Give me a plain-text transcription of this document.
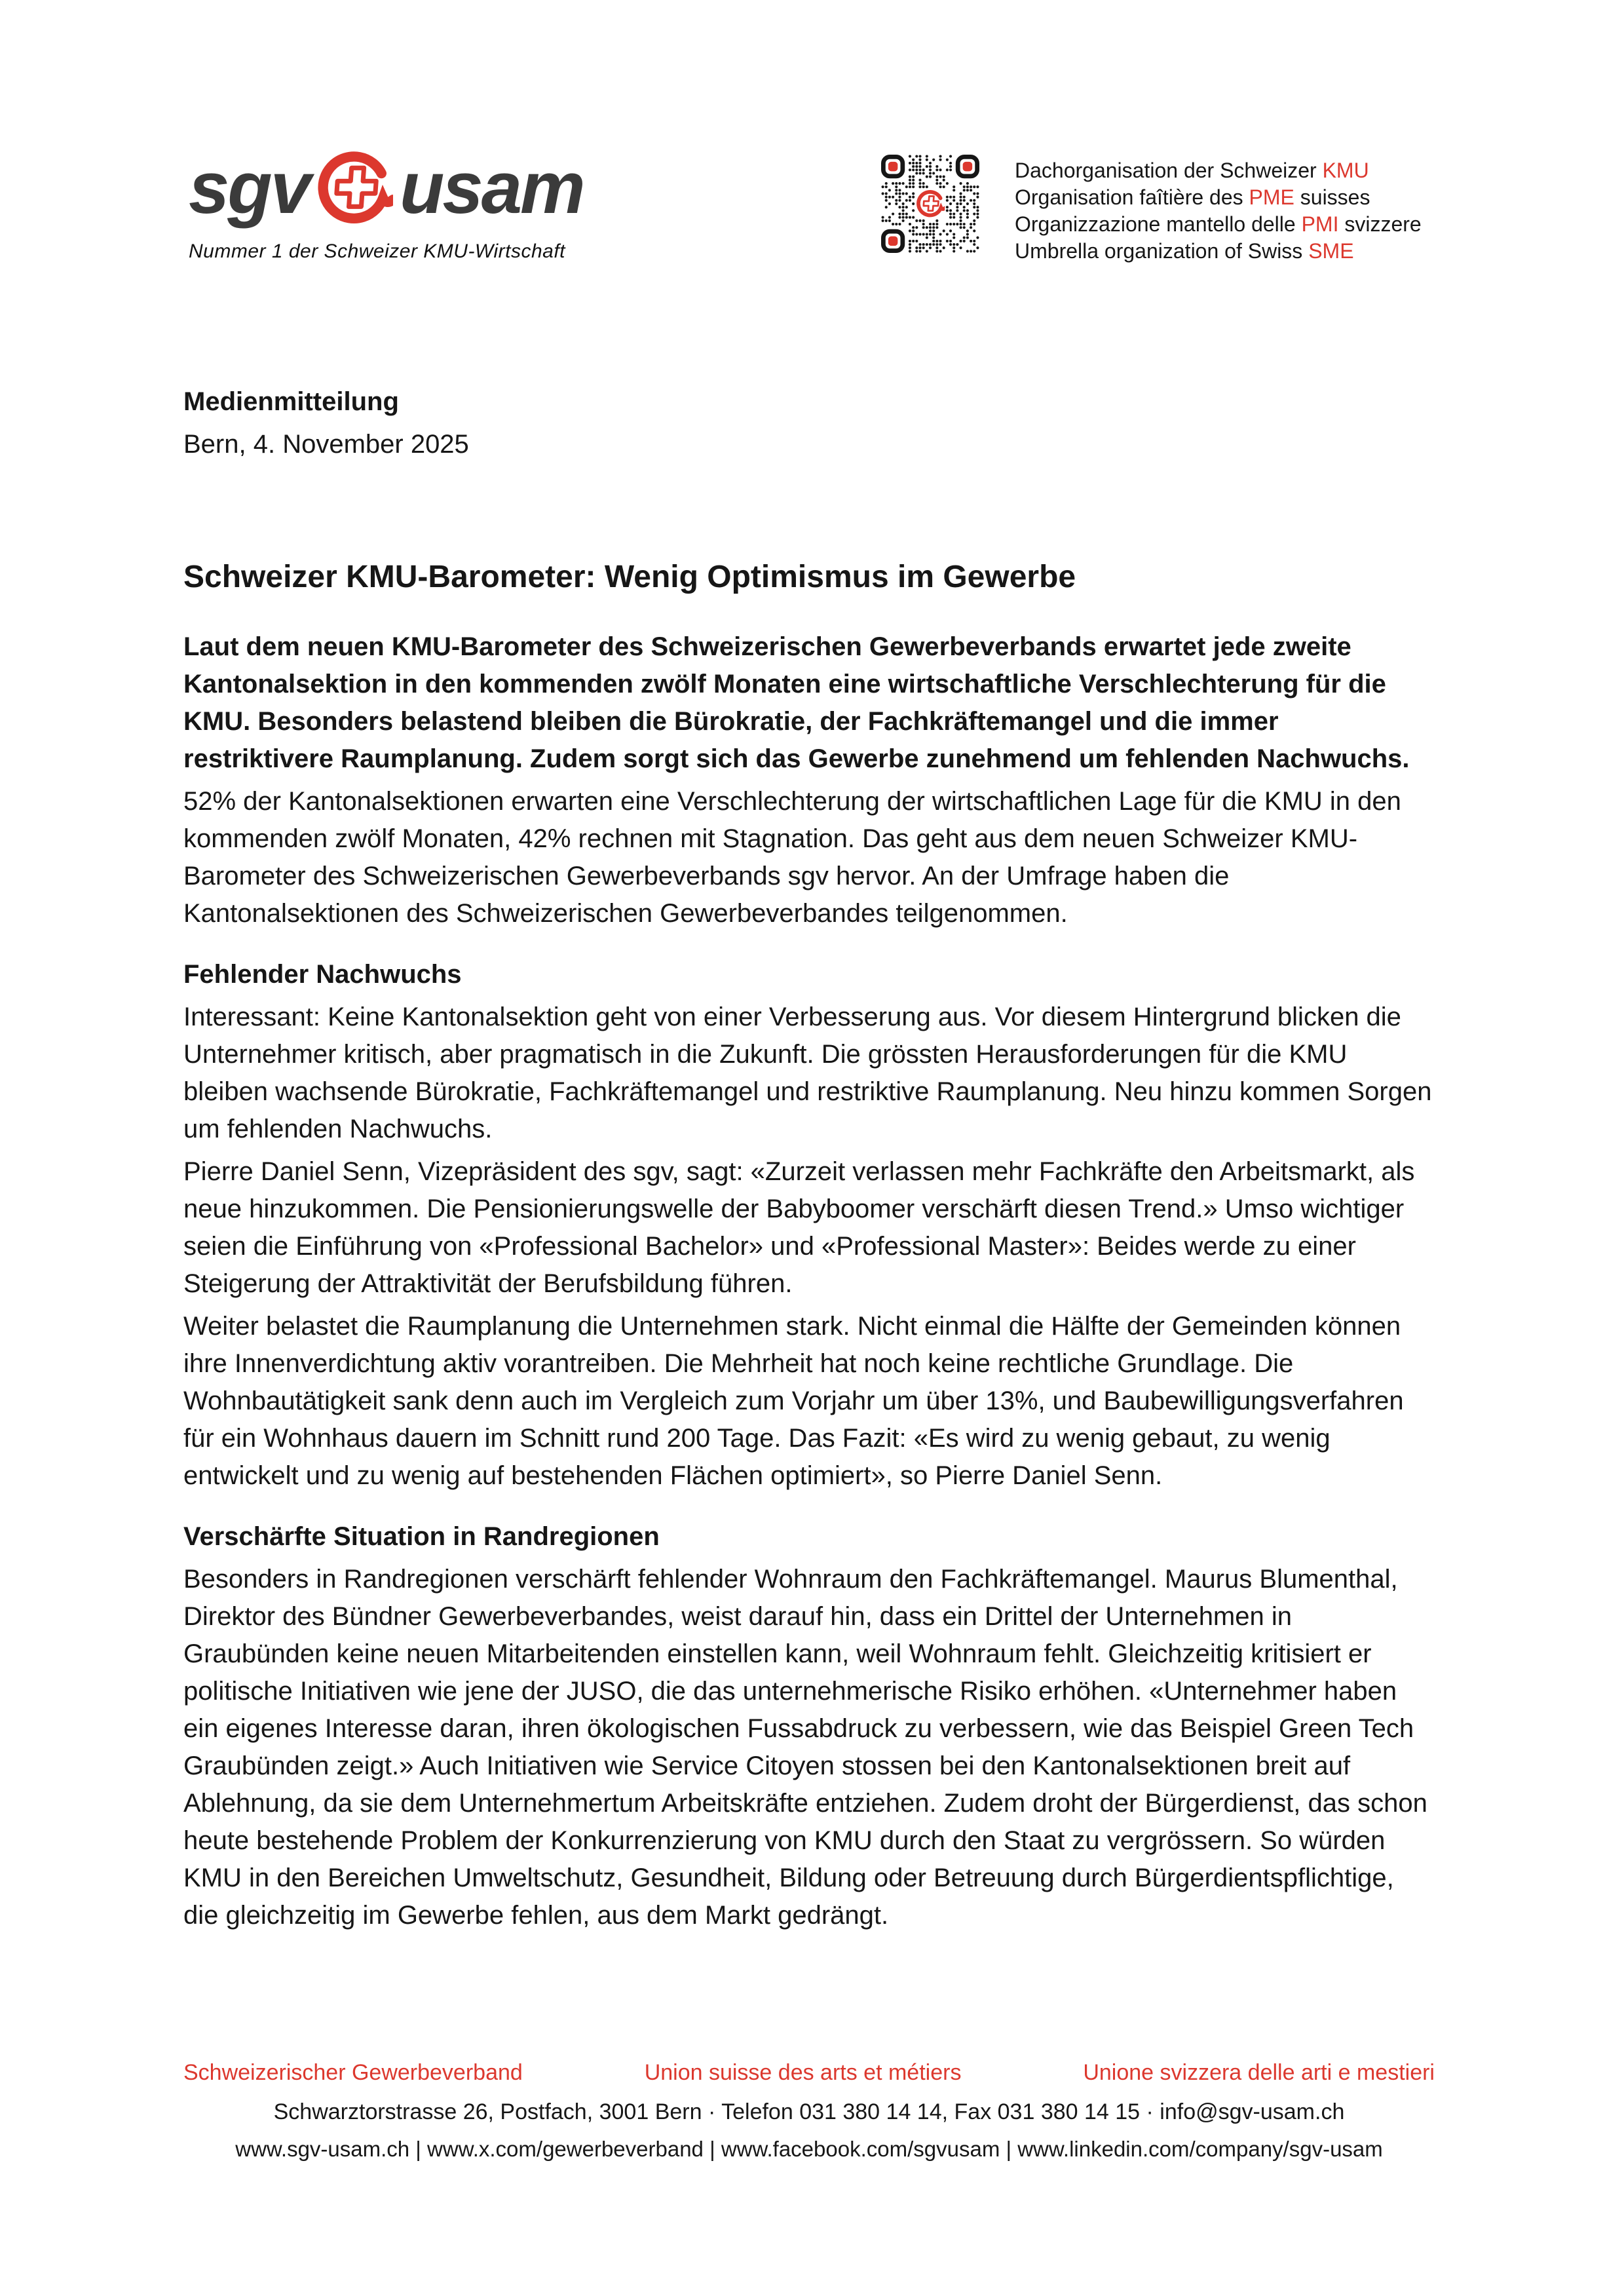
sgv usam
Nummer 1 der Schweizer KMU-Wirtschaft
Dachorganisation der Schweizer KMU
Organisation faîtière des PME suisses
Organizzazione mantello delle PMI svizzere
Umbrella organization of Swiss SME

Medienmitteilung

Bern, 4. November 2025

Schweizer KMU-Barometer: Wenig Optimismus im Gewerbe

Laut dem neuen KMU-Barometer des Schweizerischen Gewerbeverbands erwartet jede zweite Kantonalsektion in den kommenden zwölf Monaten eine wirtschaftliche Verschlechterung für die KMU. Besonders belastend bleiben die Bürokratie, der Fachkräftemangel und die immer restriktivere Raumplanung. Zudem sorgt sich das Gewerbe zunehmend um fehlenden Nachwuchs.

52% der Kantonalsektionen erwarten eine Verschlechterung der wirtschaftlichen Lage für die KMU in den kommenden zwölf Monaten, 42% rechnen mit Stagnation. Das geht aus dem neuen Schweizer KMU-Barometer des Schweizerischen Gewerbeverbands sgv hervor. An der Umfrage haben die Kantonalsektionen des Schweizerischen Gewerbeverbandes teilgenommen.

Fehlender Nachwuchs

Interessant: Keine Kantonalsektion geht von einer Verbesserung aus. Vor diesem Hintergrund blicken die Unternehmer kritisch, aber pragmatisch in die Zukunft. Die grössten Herausforderungen für die KMU bleiben wachsende Bürokratie, Fachkräftemangel und restriktive Raumplanung. Neu hinzu kommen Sorgen um fehlenden Nachwuchs.

Pierre Daniel Senn, Vizepräsident des sgv, sagt: «Zurzeit verlassen mehr Fachkräfte den Arbeitsmarkt, als neue hinzukommen. Die Pensionierungswelle der Babyboomer verschärft diesen Trend.» Umso wichtiger seien die Einführung von «Professional Bachelor» und «Professional Master»: Beides werde zu einer Steigerung der Attraktivität der Berufsbildung führen.

Weiter belastet die Raumplanung die Unternehmen stark. Nicht einmal die Hälfte der Gemeinden können ihre Innenverdichtung aktiv vorantreiben. Die Mehrheit hat noch keine rechtliche Grundlage. Die Wohnbautätigkeit sank denn auch im Vergleich zum Vorjahr um über 13%, und Baubewilligungsverfahren für ein Wohnhaus dauern im Schnitt rund 200 Tage. Das Fazit: «Es wird zu wenig gebaut, zu wenig entwickelt und zu wenig auf bestehenden Flächen optimiert», so Pierre Daniel Senn.

Verschärfte Situation in Randregionen

Besonders in Randregionen verschärft fehlender Wohnraum den Fachkräftemangel. Maurus Blumenthal, Direktor des Bündner Gewerbeverbandes, weist darauf hin, dass ein Drittel der Unternehmen in Graubünden keine neuen Mitarbeitenden einstellen kann, weil Wohnraum fehlt. Gleichzeitig kritisiert er politische Initiativen wie jene der JUSO, die das unternehmerische Risiko erhöhen. «Unternehmer haben ein eigenes Interesse daran, ihren ökologischen Fussabdruck zu verbessern, wie das Beispiel Green Tech Graubünden zeigt.» Auch Initiativen wie Service Citoyen stossen bei den Kantonalsektionen breit auf Ablehnung, da sie dem Unternehmertum Arbeitskräfte entziehen. Zudem droht der Bürgerdienst, das schon heute bestehende Problem der Konkurrenzierung von KMU durch den Staat zu vergrössern. So würden KMU in den Bereichen Umweltschutz, Gesundheit, Bildung oder Betreuung durch Bürgerdientspflichtige, die gleichzeitig im Gewerbe fehlen, aus dem Markt gedrängt.

Schweizerischer Gewerbeverband	Union suisse des arts et métiers	Unione svizzera delle arti e mestieri
Schwarztorstrasse 26, Postfach, 3001 Bern · Telefon 031 380 14 14, Fax 031 380 14 15 · info@sgv-usam.ch
www.sgv-usam.ch | www.x.com/gewerbeverband | www.facebook.com/sgvusam | www.linkedin.com/company/sgv-usam
